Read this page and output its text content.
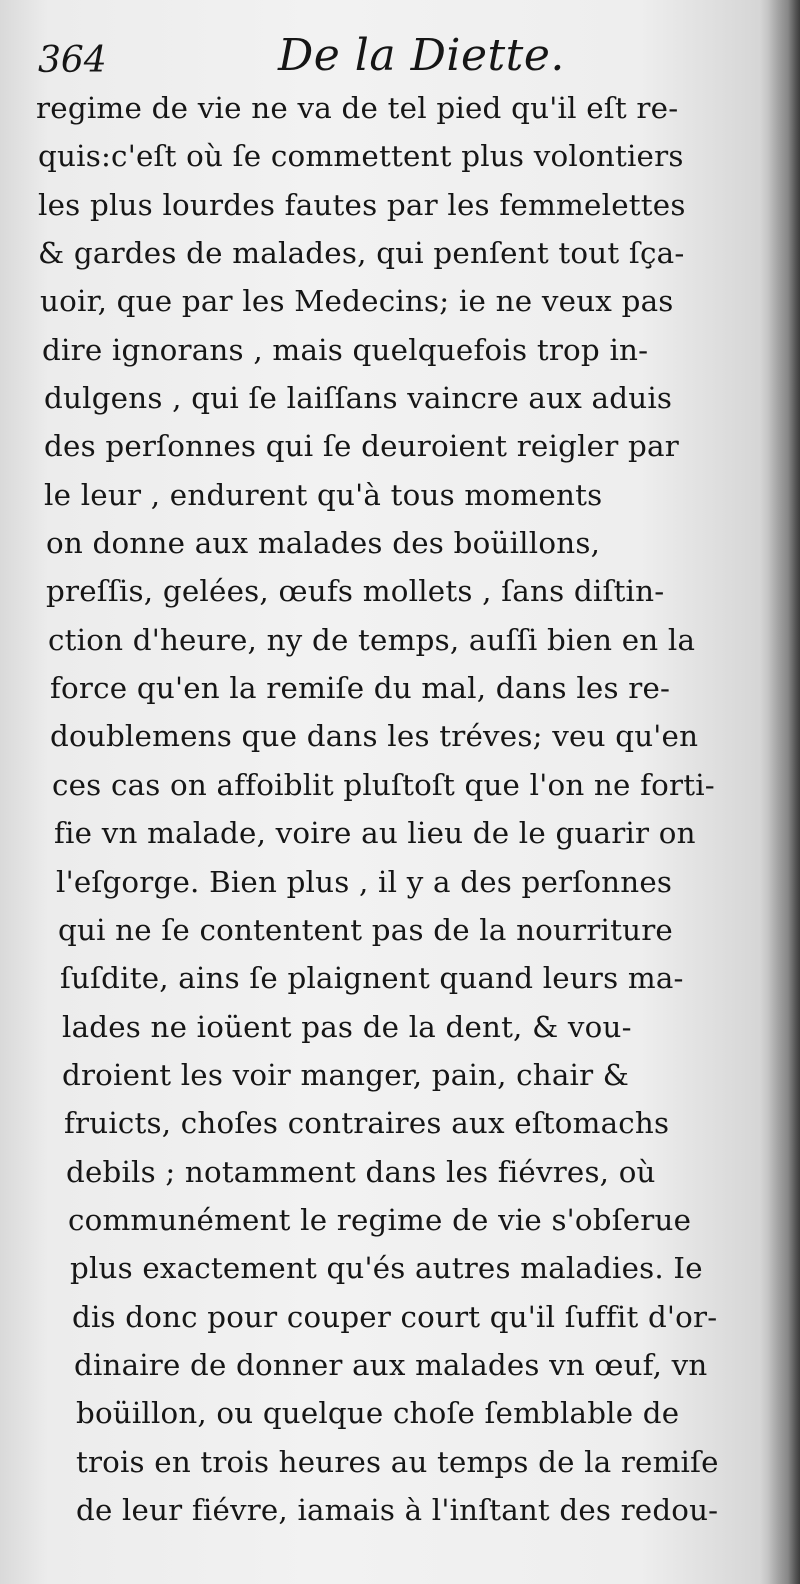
364	De la Diette.
regime de vie ne va de tel pied qu'il eſt re-
quis:c'eſt où ſe commettent plus volontiers
les plus lourdes fautes par les femmelettes
& gardes de malades, qui penſent tout ſça-
uoir, que par les Medecins; ie ne veux pas
dire ignorans , mais quelquefois trop in-
dulgens , qui ſe laiſſans vaincre aux aduis
des perſonnes qui ſe deuroient reigler par
le leur , endurent qu'à tous moments
on donne aux malades des boüillons,
preſſis, gelées, œufs mollets , ſans diſtin-
ction d'heure, ny de temps, auſſi bien en la
force qu'en la remiſe du mal, dans les re-
doublemens que dans les tréves; veu qu'en
ces cas on affoiblit pluſtoſt que l'on ne forti-
fie vn malade, voire au lieu de le guarir on
l'eſgorge. Bien plus , il y a des perſonnes
qui ne ſe contentent pas de la nourriture
ſuſdite, ains ſe plaignent quand leurs ma-
lades ne ioüent pas de la dent, & vou-
droient les voir manger, pain, chair &
fruicts, choſes contraires aux eſtomachs
debils ; notamment dans les fiévres, où
communément le regime de vie s'obſerue
plus exactement qu'és autres maladies. Ie
dis donc pour couper court qu'il ſuffit d'or-
dinaire de donner aux malades vn œuf, vn
boüillon, ou quelque choſe ſemblable de
trois en trois heures au temps de la remiſe
de leur fiévre, iamais à l'inſtant des redou-
